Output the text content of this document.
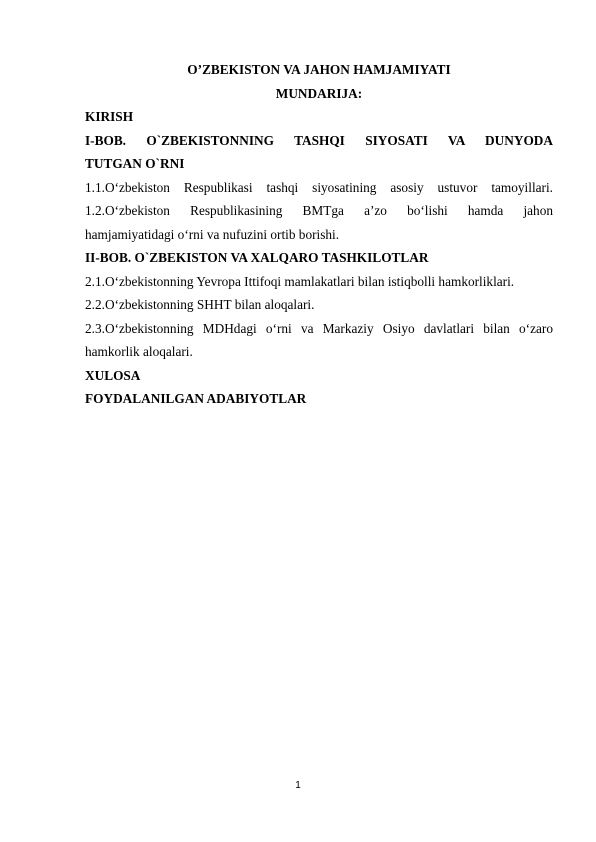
O’ZBEKISTON VA JAHON HAMJAMIYATI

MUNDARIJA:

KIRISH

I-BOB. O`ZBEKISTONNING TASHQI SIYOSATI VA DUNYODA

TUTGAN O`RNI

1.1.O‘zbekiston Respublikasi tashqi siyosatining asosiy ustuvor tamoyillari.

1.2.O‘zbekiston Respublikasining BMTga a’zo bo‘lishi hamda jahon

hamjamiyatidagi o‘rni va nufuzini ortib borishi.

II-BOB. O`ZBEKISTON VA XALQARO TASHKILOTLAR

2.1.O‘zbekistonning Yevropa Ittifoqi mamlakatlari bilan istiqbolli hamkorliklari.

2.2.O‘zbekistonning SHHT bilan aloqalari.

2.3.O‘zbekistonning MDHdagi o‘rni va Markaziy Osiyo davlatlari bilan o‘zaro

hamkorlik aloqalari.

XULOSA

FOYDALANILGAN ADABIYOTLAR

1
